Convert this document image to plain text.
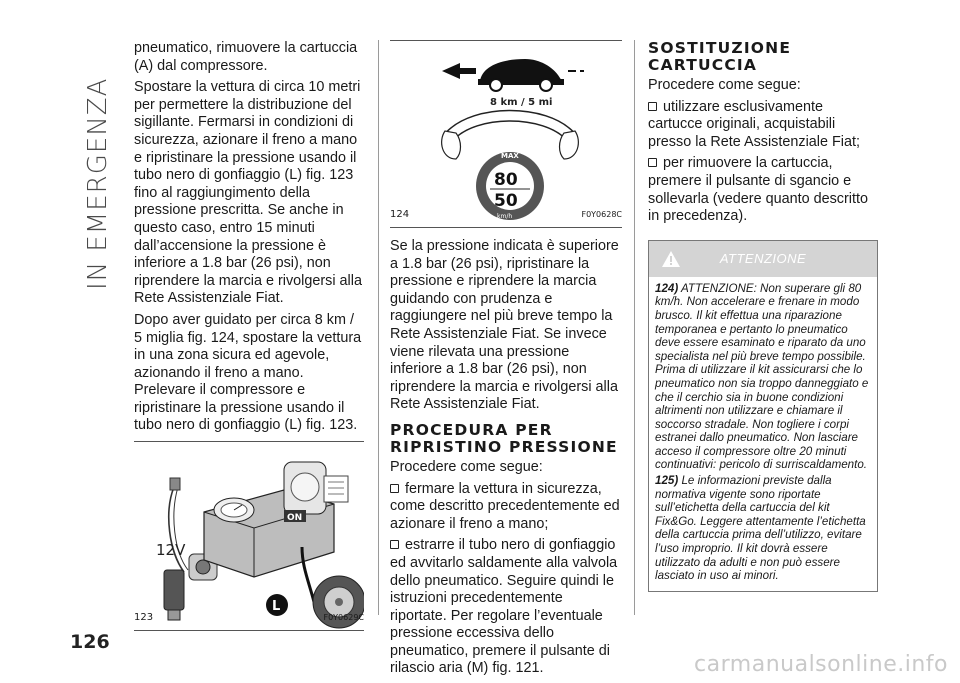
IN EMERGENZA
126

pneumatico, rimuovere la cartuccia (A) dal compressore.

Spostare la vettura di circa 10 metri per permettere la distribuzione del sigillante. Fermarsi in condizioni di sicurezza, azionare il freno a mano e ripristinare la pressione usando il tubo nero di gonfiaggio (L) fig. 123 fino al raggiungimento della pressione prescritta. Se anche in questo caso, entro 15 minuti dall’accensione la pressione è inferiore a 1.8 bar (26 psi), non riprendere la marcia e rivolgersi alla Rete Assistenziale Fiat.

Dopo aver guidato per circa 8 km / 5 miglia fig. 124, spostare la vettura in una zona sicura ed agevole, azionando il freno a mano. Prelevare il compressore e ripristinare la pressione usando il tubo nero di gonfiaggio (L) fig. 123.

12V
ON
L
123	F0Y0629C
8 km / 5 mi
MAX
80
50
km/h
124	F0Y0628C

Se la pressione indicata è superiore a 1.8 bar (26 psi), ripristinare la pressione e riprendere la marcia guidando con prudenza e raggiungere nel più breve tempo la Rete Assistenziale Fiat. Se invece viene rilevata una pressione inferiore a 1.8 bar (26 psi), non riprendere la marcia e rivolgersi alla Rete Assistenziale Fiat.

PROCEDURA PER RIPRISTINO PRESSIONE

Procedere come segue:

fermare la vettura in sicurezza, come descritto precedentemente ed azionare il freno a mano;

estrarre il tubo nero di gonfiaggio ed avvitarlo saldamente alla valvola dello pneumatico. Seguire quindi le istruzioni precedentemente riportate. Per regolare l’eventuale pressione eccessiva dello pneumatico, premere il pulsante di rilascio aria (M) fig. 121.

SOSTITUZIONE CARTUCCIA

Procedere come segue:

utilizzare esclusivamente cartucce originali, acquistabili presso la Rete Assistenziale Fiat;

per rimuovere la cartuccia, premere il pulsante di sgancio e sollevarla (vedere quanto descritto in precedenza).

ATTENZIONE

124) ATTENZIONE: Non superare gli 80 km/h. Non accelerare e frenare in modo brusco. Il kit effettua una riparazione temporanea e pertanto lo pneumatico deve essere esaminato e riparato da uno specialista nel più breve tempo possibile. Prima di utilizzare il kit assicurarsi che lo pneumatico non sia troppo danneggiato e che il cerchio sia in buone condizioni altrimenti non utilizzare e chiamare il soccorso stradale. Non togliere i corpi estranei dallo pneumatico. Non lasciare acceso il compressore oltre 20 minuti continuativi: pericolo di surriscaldamento.

125) Le informazioni previste dalla normativa vigente sono riportate sull’etichetta della cartuccia del kit Fix&Go. Leggere attentamente l’etichetta della cartuccia prima dell’utilizzo, evitare l’uso improprio. Il kit dovrà essere utilizzato da adulti e non può essere lasciato in uso ai minori.

carmanualsonline.info
